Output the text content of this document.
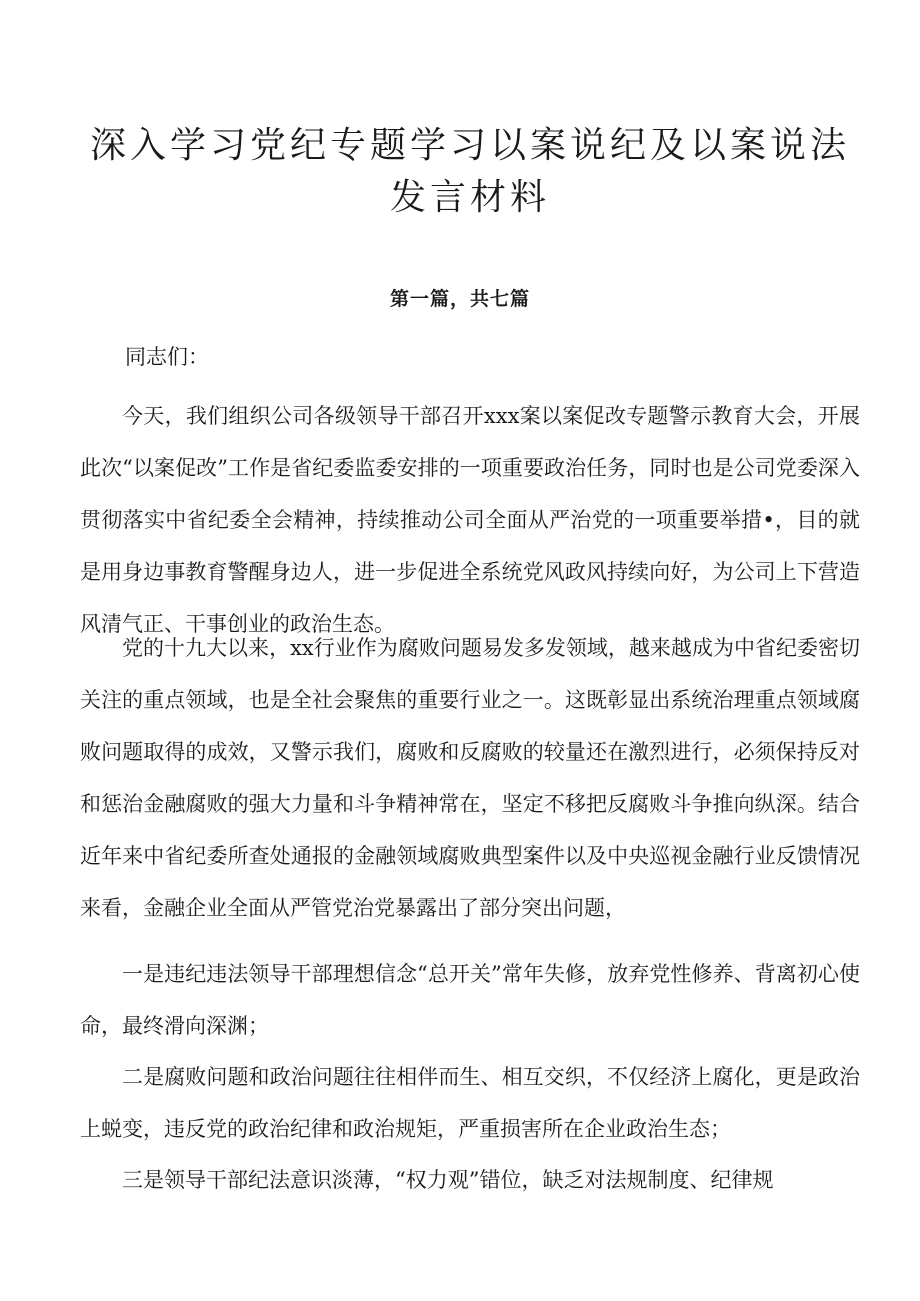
深入学习党纪专题学习以案说纪及以案说法发言材料
第一篇，共七篇
同志们：

今天，我们组织公司各级领导干部召开xxx案以案促改专题警示教育大会，开展此次“以案促改”工作是省纪委监委安排的一项重要政治任务，同时也是公司党委深入贯彻落实中省纪委全会精神，持续推动公司全面从严治党的一项重要举措•，目的就是用身边事教育警醒身边人，进一步促进全系统党风政风持续向好，为公司上下营造风清气正、干事创业的政治生态。

党的十九大以来，xx行业作为腐败问题易发多发领域，越来越成为中省纪委密切关注的重点领域，也是全社会聚焦的重要行业之一。这既彰显出系统治理重点领域腐败问题取得的成效，又警示我们，腐败和反腐败的较量还在激烈进行，必须保持反对和惩治金融腐败的强大力量和斗争精神常在，坚定不移把反腐败斗争推向纵深。结合近年来中省纪委所查处通报的金融领域腐败典型案件以及中央巡视金融行业反馈情况来看，金融企业全面从严管党治党暴露出了部分突出问题，

一是违纪违法领导干部理想信念“总开关”常年失修，放弃党性修养、背离初心使命，最终滑向深渊；

二是腐败问题和政治问题往往相伴而生、相互交织，不仅经济上腐化，更是政治上蜕变，违反党的政治纪律和政治规矩，严重损害所在企业政治生态；

三是领导干部纪法意识淡薄，“权力观”错位，缺乏对法规制度、纪律规
